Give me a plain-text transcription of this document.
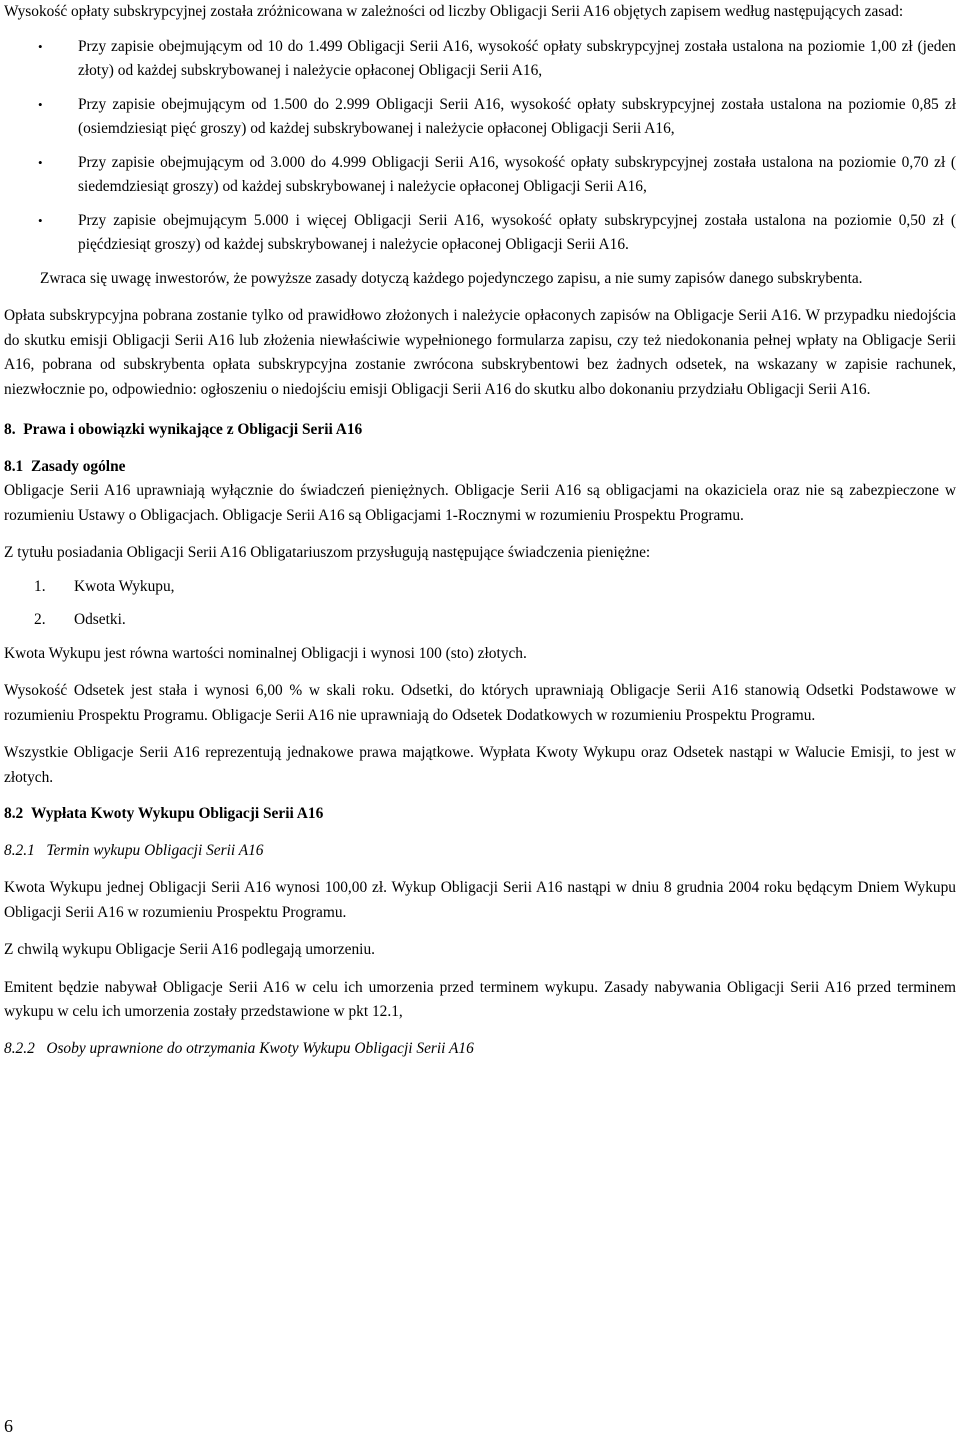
Wysokość opłaty subskrypcyjnej została zróżnicowana w zależności od liczby Obligacji Serii A16 objętych zapisem według następujących zasad:

• Przy zapisie obejmującym od 10 do 1.499 Obligacji Serii A16, wysokość opłaty subskrypcyjnej została ustalona na poziomie 1,00 zł (jeden złoty) od każdej subskrybowanej i należycie opłaconej Obligacji Serii A16,
• Przy zapisie obejmującym od 1.500 do 2.999 Obligacji Serii A16, wysokość opłaty subskrypcyjnej została ustalona na poziomie 0,85 zł (osiemdziesiąt pięć groszy) od każdej subskrybowanej i należycie opłaconej Obligacji Serii A16,
• Przy zapisie obejmującym od 3.000 do 4.999 Obligacji Serii A16, wysokość opłaty subskrypcyjnej została ustalona na poziomie 0,70 zł ( siedemdziesiąt groszy) od każdej subskrybowanej i należycie opłaconej Obligacji Serii A16,
• Przy zapisie obejmującym 5.000 i więcej Obligacji Serii A16, wysokość opłaty subskrypcyjnej została ustalona na poziomie 0,50 zł ( pięćdziesiąt groszy) od każdej subskrybowanej i należycie opłaconej Obligacji Serii A16.

Zwraca się uwagę inwestorów, że powyższe zasady dotyczą każdego pojedynczego zapisu, a nie sumy zapisów danego subskrybenta.

Opłata subskrypcyjna pobrana zostanie tylko od prawidłowo złożonych i należycie opłaconych zapisów na Obligacje Serii A16. W przypadku niedojścia do skutku emisji Obligacji Serii A16 lub złożenia niewłaściwie wypełnionego formularza zapisu, czy też niedokonania pełnej wpłaty na Obligacje Serii A16, pobrana od subskrybenta opłata subskrypcyjna zostanie zwrócona subskrybentowi bez żadnych odsetek, na wskazany w zapisie rachunek, niezwłocznie po, odpowiednio: ogłoszeniu o niedojściu emisji Obligacji Serii A16 do skutku albo dokonaniu przydziału Obligacji Serii A16.

8. Prawa i obowiązki wynikające z Obligacji Serii A16

8.1 Zasady ogólne

Obligacje Serii A16 uprawniają wyłącznie do świadczeń pieniężnych. Obligacje Serii A16 są obligacjami na okaziciela oraz nie są zabezpieczone w rozumieniu Ustawy o Obligacjach. Obligacje Serii A16 są Obligacjami 1-Rocznymi w rozumieniu Prospektu Programu.

Z tytułu posiadania Obligacji Serii A16 Obligatariuszom przysługują następujące świadczenia pieniężne:

1. Kwota Wykupu,
2. Odsetki.

Kwota Wykupu jest równa wartości nominalnej Obligacji i wynosi 100 (sto) złotych.

Wysokość Odsetek jest stała i wynosi 6,00 % w skali roku. Odsetki, do których uprawniają Obligacje Serii A16 stanowią Odsetki Podstawowe w rozumieniu Prospektu Programu. Obligacje Serii A16 nie uprawniają do Odsetek Dodatkowych w rozumieniu Prospektu Programu.

Wszystkie Obligacje Serii A16 reprezentują jednakowe prawa majątkowe. Wypłata Kwoty Wykupu oraz Odsetek nastąpi w Walucie Emisji, to jest w złotych.

8.2 Wypłata Kwoty Wykupu Obligacji Serii A16

8.2.1 Termin wykupu Obligacji Serii A16

Kwota Wykupu jednej Obligacji Serii A16 wynosi 100,00 zł. Wykup Obligacji Serii A16 nastąpi w dniu 8 grudnia 2004 roku będącym Dniem Wykupu Obligacji Serii A16 w rozumieniu Prospektu Programu.

Z chwilą wykupu Obligacje Serii A16 podlegają umorzeniu.

Emitent będzie nabywał Obligacje Serii A16 w celu ich umorzenia przed terminem wykupu. Zasady nabywania Obligacji Serii A16 przed terminem wykupu w celu ich umorzenia zostały przedstawione w pkt 12.1,

8.2.2 Osoby uprawnione do otrzymania Kwoty Wykupu Obligacji Serii A16

6
